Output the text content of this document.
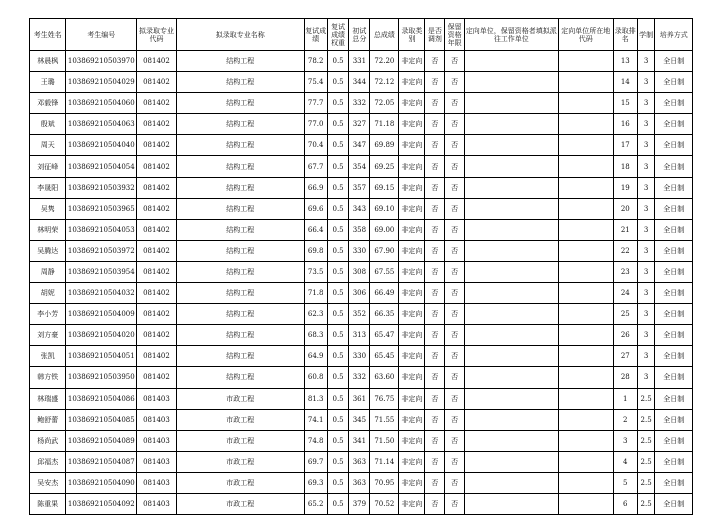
考生姓名	考生编号	拟录取专业代码	拟录取专业名称	复试成绩	复试成绩权重	初试总分	总成绩	录取类别	是否调剂	保留资格年限	定向单位，保留资格者填拟派往工作单位	定向单位所在地代码	录取排名	学制	培养方式
林晨枫	103869210503970	081402	结构工程	78.2	0.5	331	72.20	非定向	否	否			13	3	全日制
王璐	103869210504029	081402	结构工程	75.4	0.5	344	72.12	非定向	否	否			14	3	全日制
邓毅锋	103869210504060	081402	结构工程	77.7	0.5	332	72.05	非定向	否	否			15	3	全日制
殷斌	103869210504063	081402	结构工程	77.0	0.5	327	71.18	非定向	否	否			16	3	全日制
周天	103869210504040	081402	结构工程	70.4	0.5	347	69.89	非定向	否	否			17	3	全日制
刘征峰	103869210504054	081402	结构工程	67.7	0.5	354	69.25	非定向	否	否			18	3	全日制
李晟阳	103869210503932	081402	结构工程	66.9	0.5	357	69.15	非定向	否	否			19	3	全日制
吴隽	103869210503965	081402	结构工程	69.6	0.5	343	69.10	非定向	否	否			20	3	全日制
林明荣	103869210504053	081402	结构工程	66.4	0.5	358	69.00	非定向	否	否			21	3	全日制
吴腾达	103869210503972	081402	结构工程	69.8	0.5	330	67.90	非定向	否	否			22	3	全日制
周静	103869210503954	081402	结构工程	73.5	0.5	308	67.55	非定向	否	否			23	3	全日制
胡妮	103869210504032	081402	结构工程	71.8	0.5	306	66.49	非定向	否	否			24	3	全日制
李小芳	103869210504009	081402	结构工程	62.3	0.5	352	66.35	非定向	否	否			25	3	全日制
刘方豪	103869210504020	081402	结构工程	68.3	0.5	313	65.47	非定向	否	否			26	3	全日制
张凯	103869210504051	081402	结构工程	64.9	0.5	330	65.45	非定向	否	否			27	3	全日制
韩方铁	103869210503950	081402	结构工程	60.8	0.5	332	63.60	非定向	否	否			28	3	全日制
林瑞盛	103869210504086	081403	市政工程	81.3	0.5	361	76.75	非定向	否	否			1	2.5	全日制
鲍舒蕾	103869210504085	081403	市政工程	74.1	0.5	345	71.55	非定向	否	否			2	2.5	全日制
杨尚武	103869210504089	081403	市政工程	74.8	0.5	341	71.50	非定向	否	否			3	2.5	全日制
邱福杰	103869210504087	081403	市政工程	69.7	0.5	363	71.14	非定向	否	否			4	2.5	全日制
吴安杰	103869210504090	081403	市政工程	69.3	0.5	363	70.95	非定向	否	否			5	2.5	全日制
陈重果	103869210504092	081403	市政工程	65.2	0.5	379	70.52	非定向	否	否			6	2.5	全日制
